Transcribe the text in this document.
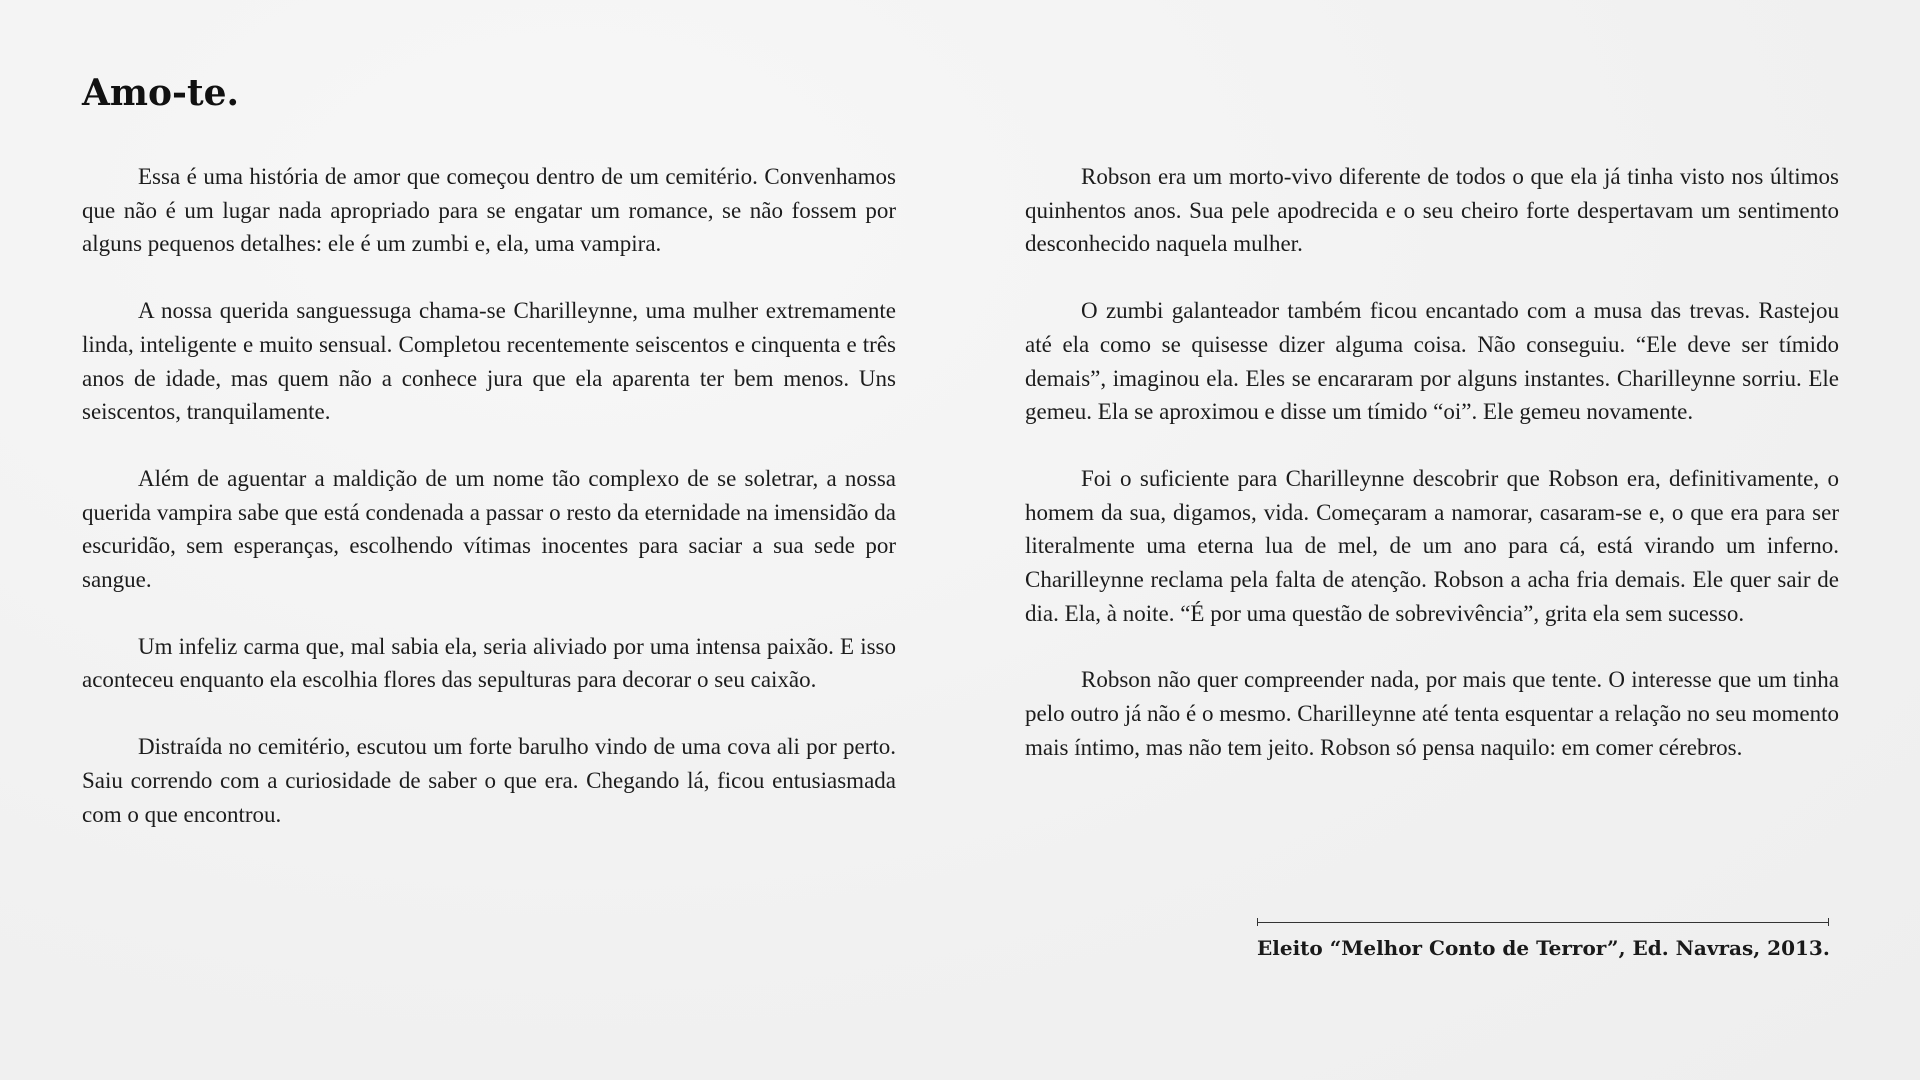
Amo-te.

Essa é uma história de amor que começou dentro de um cemitério. Convenhamos que não é um lugar nada apropriado para se engatar um romance, se não fossem por alguns pequenos detalhes: ele é um zumbi e, ela, uma vampira.

A nossa querida sanguessuga chama-se Charilleynne, uma mulher extremamente linda, inteligente e muito sensual. Completou recentemente seiscentos e cinquenta e três anos de idade, mas quem não a conhece jura que ela aparenta ter bem menos. Uns seiscentos, tranquilamente.

Além de aguentar a maldição de um nome tão complexo de se soletrar, a nossa querida vampira sabe que está condenada a passar o resto da eternidade na imensidão da escuridão, sem esperanças, escolhendo vítimas inocentes para saciar a sua sede por sangue.

Um infeliz carma que, mal sabia ela, seria aliviado por uma intensa paixão. E isso aconteceu enquanto ela escolhia flores das sepulturas para decorar o seu caixão.

Distraída no cemitério, escutou um forte barulho vindo de uma cova ali por perto. Saiu correndo com a curiosidade de saber o que era. Chegando lá, ficou entusiasmada com o que encontrou.

Robson era um morto-vivo diferente de todos o que ela já tinha visto nos últimos quinhentos anos. Sua pele apodrecida e o seu cheiro forte despertavam um sentimento desconhecido naquela mulher.

O zumbi galanteador também ficou encantado com a musa das trevas. Rastejou até ela como se quisesse dizer alguma coisa. Não conseguiu. “Ele deve ser tímido demais”, imaginou ela. Eles se encararam por alguns instantes. Charilleynne sorriu. Ele gemeu. Ela se aproximou e disse um tímido “oi”. Ele gemeu novamente.

Foi o suficiente para Charilleynne descobrir que Robson era, definitivamente, o homem da sua, digamos, vida. Começaram a namorar, casaram-se e, o que era para ser literalmente uma eterna lua de mel, de um ano para cá, está virando um inferno. Charilleynne reclama pela falta de atenção. Robson a acha fria demais. Ele quer sair de dia. Ela, à noite. “É por uma questão de sobrevivência”, grita ela sem sucesso.

Robson não quer compreender nada, por mais que tente. O interesse que um tinha pelo outro já não é o mesmo. Charilleynne até tenta esquentar a relação no seu momento mais íntimo, mas não tem jeito. Robson só pensa naquilo: em comer cérebros.

Eleito “Melhor Conto de Terror”, Ed. Navras, 2013.
